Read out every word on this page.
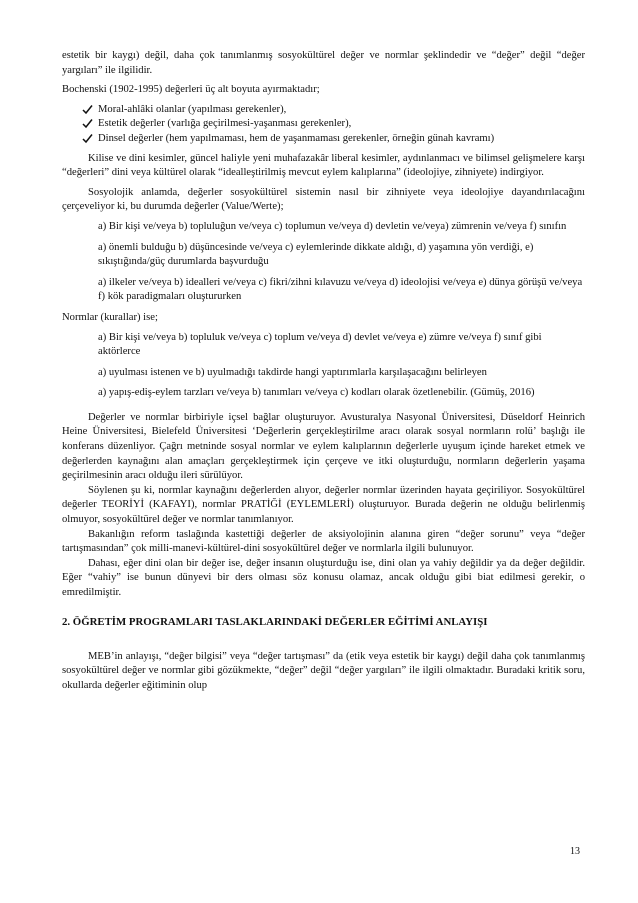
estetik bir kaygı) değil, daha çok tanımlanmış sosyokültürel değer ve normlar şeklindedir ve “değer” değil “değer yargıları” ile ilgilidir.

Bochenski (1902-1995) değerleri üç alt boyuta ayırmaktadır;

Moral-ahlâki olanlar (yapılması gerekenler),

Estetik değerler (varlığa geçirilmesi-yaşanması gerekenler),

Dinsel değerler (hem yapılmaması, hem de yaşanmaması gerekenler, örneğin günah kavramı)

Kilise ve dini kesimler, güncel haliyle yeni muhafazakâr liberal kesimler, aydınlanmacı ve bilimsel gelişmelere karşı “değerleri” dini veya kültürel olarak “idealleştirilmiş mevcut eylem kalıplarına” (ideolojiye, zihniyete) indirgiyor.

Sosyolojik anlamda, değerler sosyokültürel sistemin nasıl bir zihniyete veya ideolojiye dayandırılacağını çerçeveliyor ki, bu durumda değerler (Value/Werte);

a) Bir kişi ve/veya b) topluluğun ve/veya c) toplumun ve/veya d) devletin ve/veya) zümrenin ve/veya f) sınıfın

a) önemli bulduğu b) düşüncesinde ve/veya c) eylemlerinde dikkate aldığı, d) yaşamına yön verdiği, e) sıkıştığında/güç durumlarda başvurduğu

a) ilkeler ve/veya b) idealleri ve/veya c) fikri/zihni kılavuzu ve/veya d) ideolojisi ve/veya e) dünya görüşü ve/veya f) kök paradigmaları oluştururken

Normlar (kurallar) ise;

a) Bir kişi ve/veya b) topluluk ve/veya c) toplum ve/veya d) devlet ve/veya e) zümre ve/veya f) sınıf gibi aktörlerce

a) uyulması istenen ve b) uyulmadığı takdirde hangi yaptırımlarla karşılaşacağını belirleyen

a) yapış-ediş-eylem tarzları ve/veya b) tanımları ve/veya c) kodları olarak özetlenebilir. (Gümüş, 2016)

Değerler ve normlar birbiriyle içsel bağlar oluşturuyor. Avusturalya Nasyonal Üniversitesi, Düseldorf Heinrich Heine Üniversitesi, Bielefeld Üniversitesi ‘Değerlerin gerçekleştirilme aracı olarak sosyal normların rolü’ başlığı ile konferans düzenliyor. Çağrı metninde sosyal normlar ve eylem kalıplarının değerlerle uyuşum içinde hareket etmek ve değerlerden kaynağını alan amaçları gerçekleştirmek için çerçeve ve itki oluşturduğu, normların değerlerin yaşama geçirilmesinin aracı olduğu ileri sürülüyor.

Söylenen şu ki, normlar kaynağını değerlerden alıyor, değerler normlar üzerinden hayata geçiriliyor. Sosyokültürel değerler TEORİYİ (KAFAYI), normlar PRATİĞİ (EYLEMLERİ) oluşturuyor. Burada değerin ne olduğu belirlenmiş olmuyor, sosyokültürel değer ve normlar tanımlanıyor.

Bakanlığın reform taslağında kastettiği değerler de aksiyolojinin alanına giren “değer sorunu” veya “değer tartışmasından” çok milli-manevi-kültürel-dini sosyokültürel değer ve normlarla ilgili bulunuyor.

Dahası, eğer dini olan bir değer ise, değer insanın oluşturduğu ise, dini olan ya vahiy değildir ya da değer değildir. Eğer “vahiy” ise bunun dünyevi bir ders olması söz konusu olamaz, ancak olduğu gibi biat edilmesi gerekir, o emredilmiştir.

2. ÖĞRETİM PROGRAMLARI TASLAKLARINDAKİ DEĞERLER EĞİTİMİ ANLAYIŞI

MEB’in anlayışı, “değer bilgisi” veya “değer tartışması” da (etik veya estetik bir kaygı) değil daha çok tanımlanmış sosyokültürel değer ve normlar gibi gözükmekte, “değer” değil “değer yargıları” ile ilgili olmaktadır. Buradaki kritik soru, okullarda değerler eğitiminin olup

13
